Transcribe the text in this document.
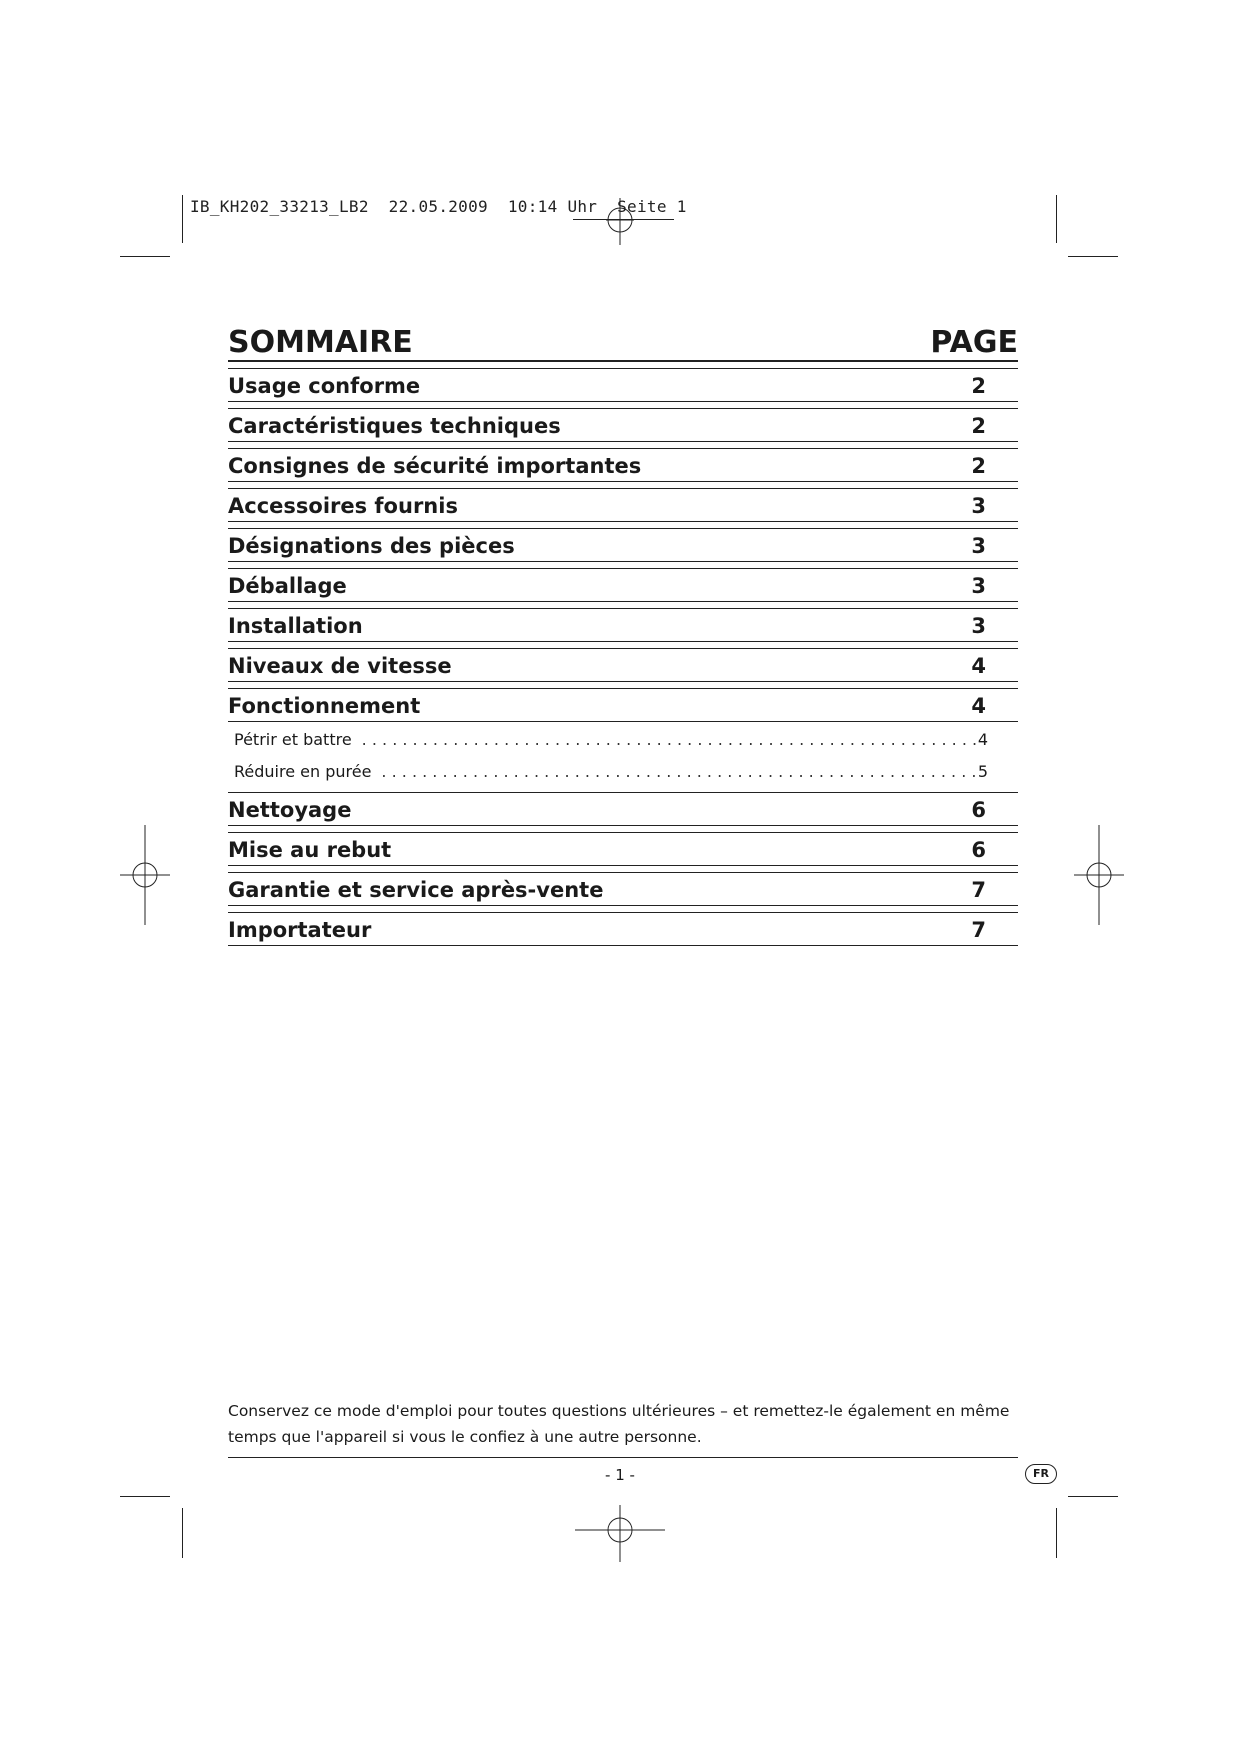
IB_KH202_33213_LB2  22.05.2009  10:14 Uhr  Seite 1
SOMMAIRE	PAGE
Usage conforme	2
Caractéristiques techniques	2
Consignes de sécurité importantes	2
Accessoires fournis	3
Désignations des pièces	3
Déballage	3
Installation	3
Niveaux de vitesse	4
Fonctionnement	4
Pétrir et battre . . .	4
Réduire en purée . . .	5
Nettoyage	6
Mise au rebut	6
Garantie et service après-vente	7
Importateur	7
Conservez ce mode d'emploi pour toutes questions ultérieures – et remettez-le également en même temps que l'appareil si vous le confiez à une autre personne.
- 1 -	FR
